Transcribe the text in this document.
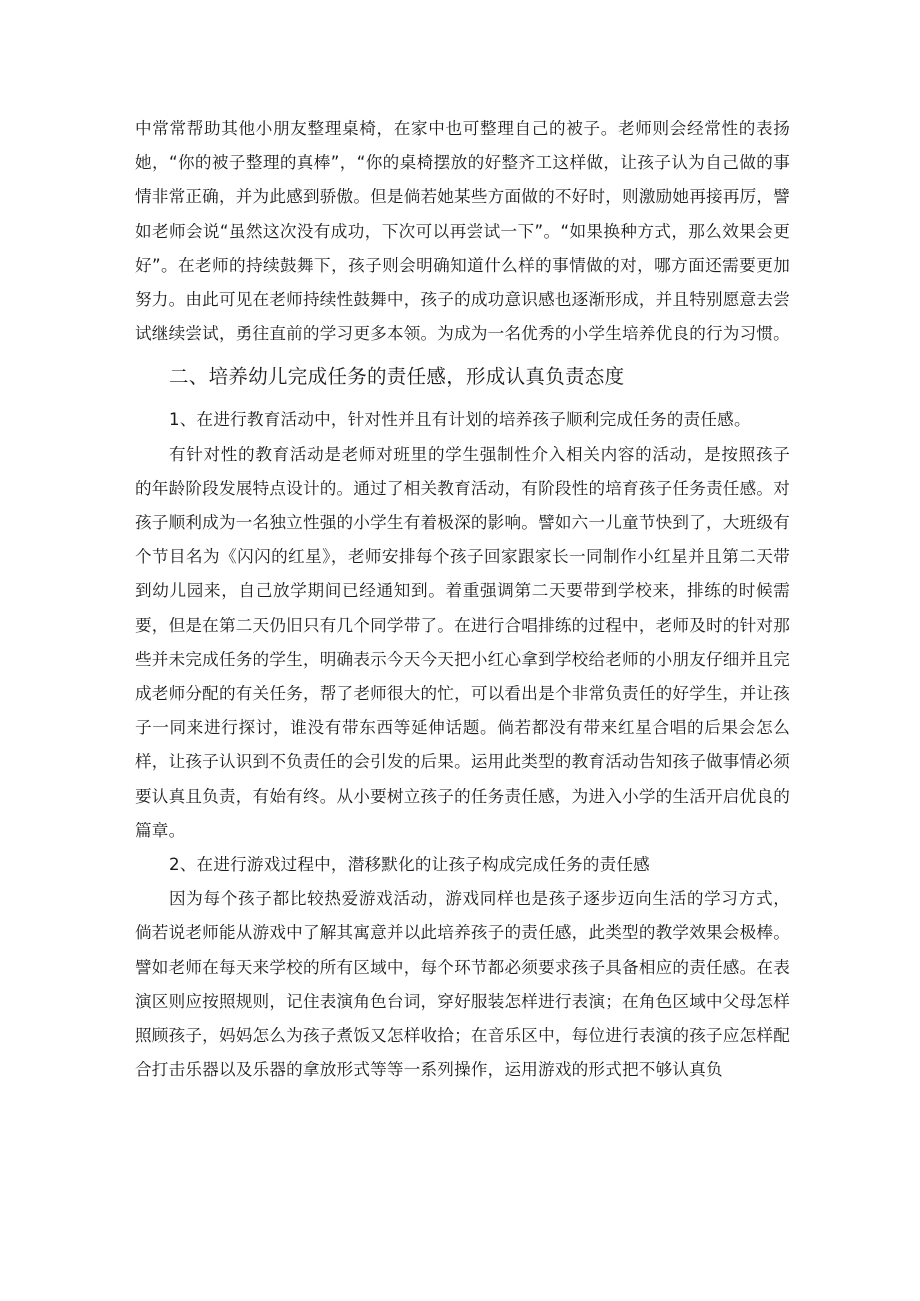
中常常帮助其他小朋友整理桌椅，在家中也可整理自己的被子。老师则会经常性的表扬她，“你的被子整理的真棒”，“你的桌椅摆放的好整齐工这样做，让孩子认为自己做的事情非常正确，并为此感到骄傲。但是倘若她某些方面做的不好时，则激励她再接再厉，譬如老师会说“虽然这次没有成功，下次可以再尝试一下”。“如果换种方式，那么效果会更好”。在老师的持续鼓舞下，孩子则会明确知道什么样的事情做的对，哪方面还需要更加努力。由此可见在老师持续性鼓舞中，孩子的成功意识感也逐渐形成，并且特别愿意去尝试继续尝试，勇往直前的学习更多本领。为成为一名优秀的小学生培养优良的行为习惯。

二、培养幼儿完成任务的责任感，形成认真负责态度

1、在进行教育活动中，针对性并且有计划的培养孩子顺利完成任务的责任感。

有针对性的教育活动是老师对班里的学生强制性介入相关内容的活动，是按照孩子的年龄阶段发展特点设计的。通过了相关教育活动，有阶段性的培育孩子任务责任感。对孩子顺利成为一名独立性强的小学生有着极深的影响。譬如六一儿童节快到了，大班级有个节目名为《闪闪的红星》，老师安排每个孩子回家跟家长一同制作小红星并且第二天带到幼儿园来，自己放学期间已经通知到。着重强调第二天要带到学校来，排练的时候需要，但是在第二天仍旧只有几个同学带了。在进行合唱排练的过程中，老师及时的针对那些并未完成任务的学生，明确表示今天今天把小红心拿到学校给老师的小朋友仔细并且完成老师分配的有关任务，帮了老师很大的忙，可以看出是个非常负责任的好学生，并让孩子一同来进行探讨，谁没有带东西等延伸话题。倘若都没有带来红星合唱的后果会怎么样，让孩子认识到不负责任的会引发的后果。运用此类型的教育活动告知孩子做事情必须要认真且负责，有始有终。从小要树立孩子的任务责任感，为进入小学的生活开启优良的篇章。

2、在进行游戏过程中，潜移默化的让孩子构成完成任务的责任感

因为每个孩子都比较热爱游戏活动，游戏同样也是孩子逐步迈向生活的学习方式，倘若说老师能从游戏中了解其寓意并以此培养孩子的责任感，此类型的教学效果会极棒。譬如老师在每天来学校的所有区域中，每个环节都必须要求孩子具备相应的责任感。在表演区则应按照规则，记住表演角色台词，穿好服装怎样进行表演；在角色区域中父母怎样照顾孩子，妈妈怎么为孩子煮饭又怎样收拾；在音乐区中，每位进行表演的孩子应怎样配合打击乐器以及乐器的拿放形式等等一系列操作，运用游戏的形式把不够认真负
